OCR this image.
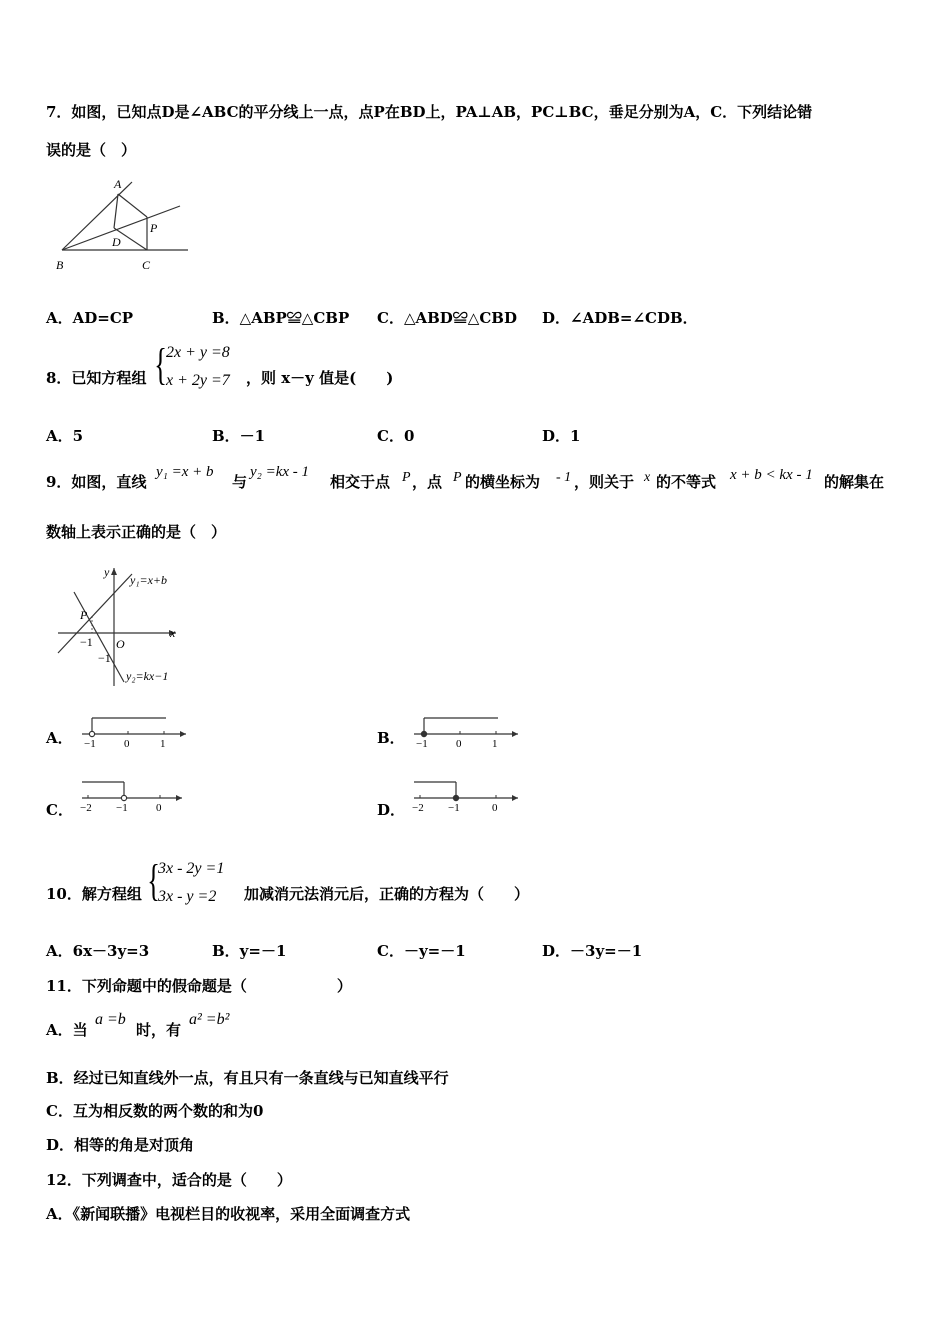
7．如图，已知点D是∠ABC的平分线上一点，点P在BD上，PA⊥AB，PC⊥BC，垂足分别为A，C．下列结论错
误的是（　）
A
P
D
B	C
A．AD=CP	B．△ABP≌△CBP C．△ABD≌△CBD D．∠ADB=∠CDB．
8．已知方程组 { 2x + y =8
x + 2y =7 ，则 x－y 值是(　　)
A．5	B．－1	C．0	D．1
9．如图，直线
y₁ =x + b
与
y₂ =kx - 1
相交于点 P ，点 P 的横坐标为 - 1 ，则关于 x 的不等式 x + b < kx - 1 的解集在
数轴上表示正确的是（　）
y
x
O
P
y₁=x+b
y₂=kx−1
−1
−1
A． −1	0	1	B． −1	0	1
C． −2 −1	0	D． −2 −1	0
10．解方程组 {
3x - 2y =1
3x - y =2 加减消元法消元后，正确的方程为（　　）
A．6x－3y=3	B．y=－1	C．－y=－1	D．－3y=－1
11．下列命题中的假命题是（　　　　　　）
A．当
a =b
时，有
a² =b²
B．经过已知直线外一点，有且只有一条直线与已知直线平行
C．互为相反数的两个数的和为0
D．相等的角是对顶角
12．下列调查中，适合的是（　　）
A．《新闻联播》电视栏目的收视率，采用全面调查方式
